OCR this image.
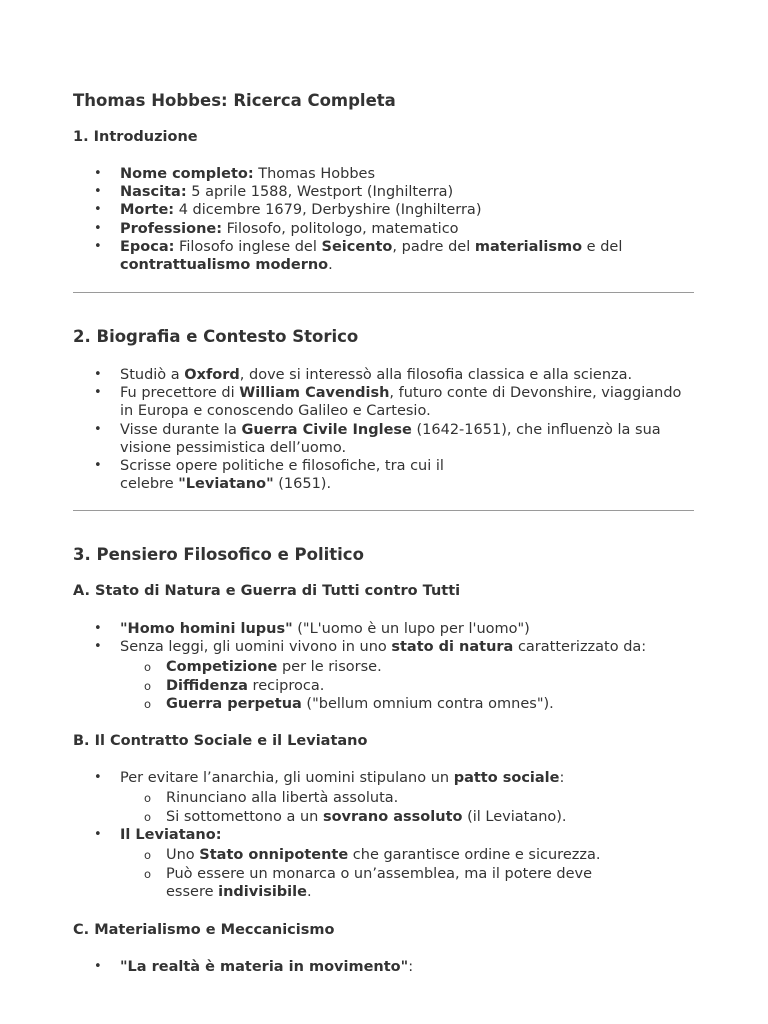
Thomas Hobbes: Ricerca Completa
1. Introduzione
• Nome completo: Thomas Hobbes
• Nascita: 5 aprile 1588, Westport (Inghilterra)
• Morte: 4 dicembre 1679, Derbyshire (Inghilterra)
• Professione: Filosofo, politologo, matematico
• Epoca: Filosofo inglese del Seicento, padre del materialismo e del contrattualismo moderno.
2. Biografia e Contesto Storico
• Studiò a Oxford, dove si interessò alla filosofia classica e alla scienza.
• Fu precettore di William Cavendish, futuro conte di Devonshire, viaggiando in Europa e conoscendo Galileo e Cartesio.
• Visse durante la Guerra Civile Inglese (1642-1651), che influenzò la sua visione pessimistica dell’uomo.
• Scrisse opere politiche e filosofiche, tra cui il celebre "Leviatano" (1651).
3. Pensiero Filosofico e Politico
A. Stato di Natura e Guerra di Tutti contro Tutti
• "Homo homini lupus" ("L'uomo è un lupo per l'uomo")
• Senza leggi, gli uomini vivono in uno stato di natura caratterizzato da:
o Competizione per le risorse.
o Diffidenza reciproca.
o Guerra perpetua ("bellum omnium contra omnes").
B. Il Contratto Sociale e il Leviatano
• Per evitare l’anarchia, gli uomini stipulano un patto sociale:
o Rinunciano alla libertà assoluta.
o Si sottomettono a un sovrano assoluto (il Leviatano).
• Il Leviatano:
o Uno Stato onnipotente che garantisce ordine e sicurezza.
o Può essere un monarca o un’assemblea, ma il potere deve essere indivisibile.
C. Materialismo e Meccanicismo
• "La realtà è materia in movimento":
